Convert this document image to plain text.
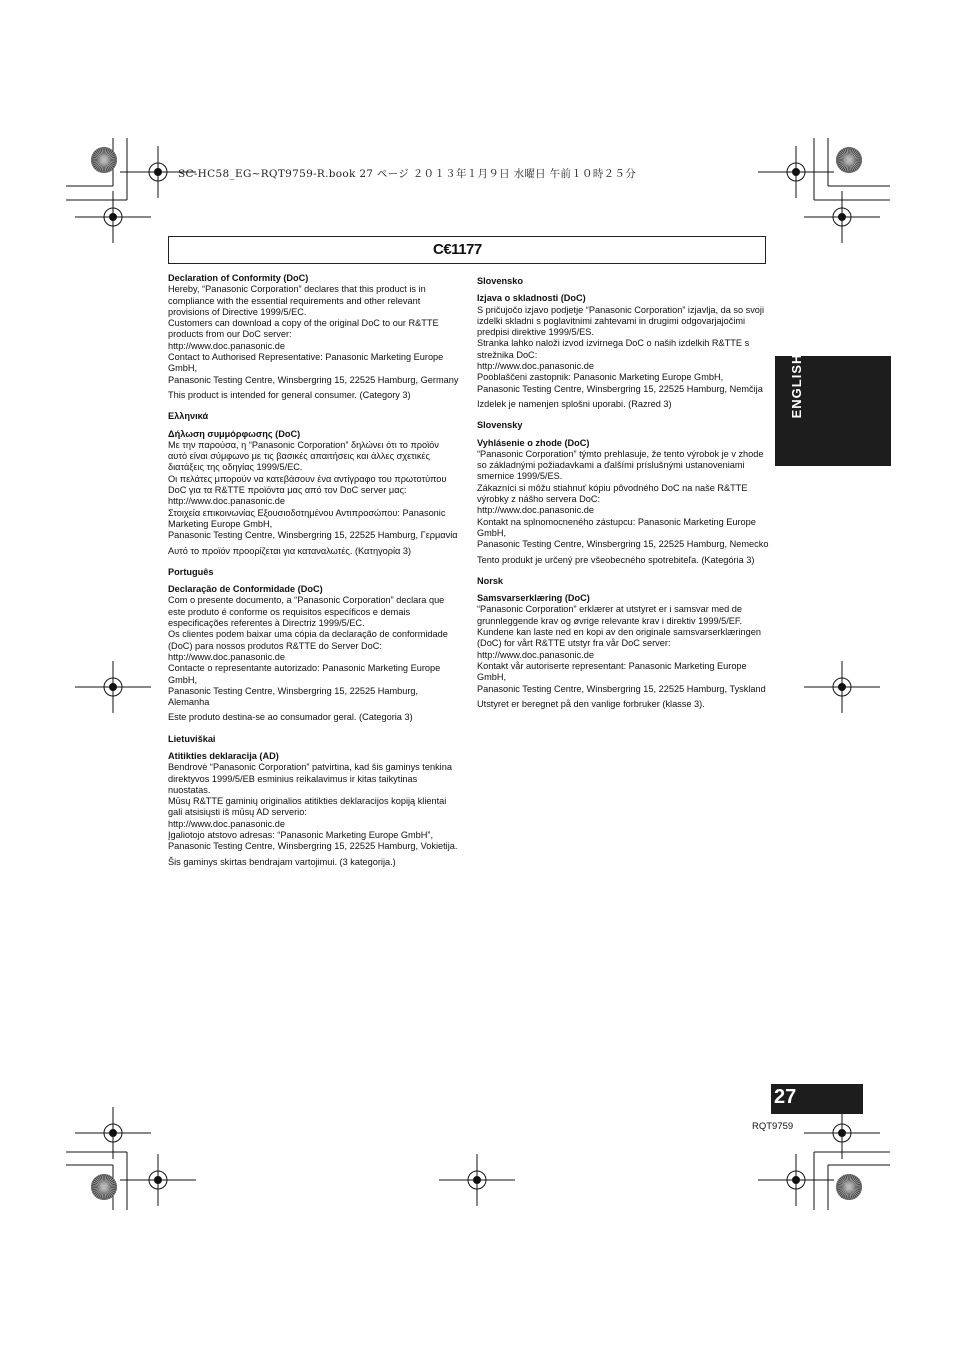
SC-HC58_EG~RQT9759-R.book 27 ページ ２０１３年１月９日 水曜日 午前１０時２５分
C€1177
Declaration of Conformity (DoC)
Hereby, “Panasonic Corporation” declares that this product is in compliance with the essential requirements and other relevant provisions of Directive 1999/5/EC.
Customers can download a copy of the original DoC to our R&TTE products from our DoC server:
http://www.doc.panasonic.de
Contact to Authorised Representative: Panasonic Marketing Europe GmbH,
Panasonic Testing Centre, Winsbergring 15, 22525 Hamburg, Germany
This product is intended for general consumer. (Category 3)
Ελληνικά
Δήλωση συμμόρφωσης (DoC)
Με την παρούσα, η “Panasonic Corporation” δηλώνει ότι το προϊόν αυτό είναι σύμφωνο με τις βασικές απαιτήσεις και άλλες σχετικές διατάξεις της οδηγίας 1999/5/EC.
Οι πελάτες μπορούν να κατεβάσουν ένα αντίγραφο του πρωτοτύπου DoC για τα R&TTE προϊόντα μας από τον DoC server μας:
http://www.doc.panasonic.de
Στοιχεία επικοινωνίας Εξουσιοδοτημένου Αντιπροσώπου: Panasonic Marketing Europe GmbH,
Panasonic Testing Centre, Winsbergring 15, 22525 Hamburg, Γερμανία
Αυτό το προϊόν προορίζεται για καταναλωτές. (Κατηγορία 3)
Português
Declaração de Conformidade (DoC)
Com o presente documento, a “Panasonic Corporation” declara que este produto é conforme os requisitos específicos e demais especificações referentes à Directriz 1999/5/EC.
Os clientes podem baixar uma cópia da declaração de conformidade (DoC) para nossos produtos R&TTE do Server DoC:
http://www.doc.panasonic.de
Contacte o representante autorizado: Panasonic Marketing Europe GmbH,
Panasonic Testing Centre, Winsbergring 15, 22525 Hamburg, Alemanha
Este produto destina-se ao consumador geral. (Categoria 3)
Lietuviškai
Atitikties deklaracija (AD)
Bendrovė “Panasonic Corporation” patvirtina, kad šis gaminys tenkina direktyvos 1999/5/EB esminius reikalavimus ir kitas taikytinas nuostatas.
Mūsų R&TTE gaminių originalios atitikties deklaracijos kopiją klientai gali atsisiųsti iš mūsų AD serverio:
http://www.doc.panasonic.de
Įgaliotojo atstovo adresas: “Panasonic Marketing Europe GmbH”, Panasonic Testing Centre, Winsbergring 15, 22525 Hamburg, Vokietija.
Šis gaminys skirtas bendrajam vartojimui. (3 kategorija.)
Slovensko
Izjava o skladnosti (DoC)
S pričujočo izjavo podjetje “Panasonic Corporation” izjavlja, da so svoji izdelki skladni s poglavitnimi zahtevami in drugimi odgovarjajočimi predpisi direktive 1999/5/ES.
Stranka lahko naloži izvod izvirnega DoC o naših izdelkih R&TTE s strežnika DoC:
http://www.doc.panasonic.de
Pooblaščeni zastopnik: Panasonic Marketing Europe GmbH,
Panasonic Testing Centre, Winsbergring 15, 22525 Hamburg, Nemčija
Izdelek je namenjen splošni uporabi. (Razred 3)
Slovensky
Vyhlásenie o zhode (DoC)
“Panasonic Corporation” týmto prehlasuje, že tento výrobok je v zhode so základnými požiadavkami a ďalšími príslušnými ustanoveniami smernice 1999/5/ES.
Zákazníci si môžu stiahnuť kópiu pôvodného DoC na naše R&TTE výrobky z nášho servera DoC:
http://www.doc.panasonic.de
Kontakt na splnomocneného zástupcu: Panasonic Marketing Europe GmbH,
Panasonic Testing Centre, Winsbergring 15, 22525 Hamburg, Nemecko
Tento produkt je určený pre všeobecného spotrebiteľa. (Kategória 3)
Norsk
Samsvarserklæring (DoC)
“Panasonic Corporation” erklærer at utstyret er i samsvar med de grunnleggende krav og øvrige relevante krav i direktiv 1999/5/EF.
Kundene kan laste ned en kopi av den originale samsvarserklæringen (DoC) for vårt R&TTE utstyr fra vår DoC server:
http://www.doc.panasonic.de
Kontakt vår autoriserte representant: Panasonic Marketing Europe GmbH,
Panasonic Testing Centre, Winsbergring 15, 22525 Hamburg, Tyskland
Utstyret er beregnet på den vanlige forbruker (klasse 3).
ENGLISH
27
RQT9759
